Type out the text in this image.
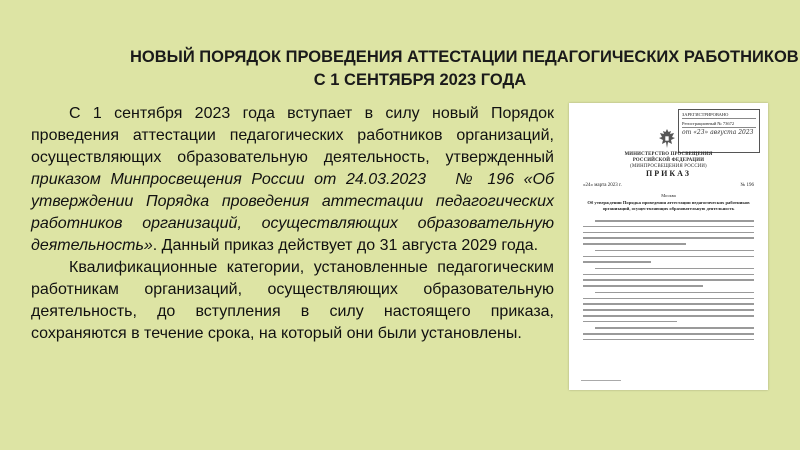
НОВЫЙ ПОРЯДОК ПРОВЕДЕНИЯ АТТЕСТАЦИИ ПЕДАГОГИЧЕСКИХ РАБОТНИКОВ
С 1 СЕНТЯБРЯ 2023 ГОДА

С 1 сентября 2023 года вступает в силу новый Порядок проведения аттестации педагогических работников организаций, осуществляющих образовательную деятельность, утвержденный приказом Минпросвещения России от 24.03.2023 № 196 «Об утверждении Порядка проведения аттестации педагогических работников организаций, осуществляющих образовательную деятельность». Данный приказ действует до 31 августа 2029 года.

Квалификационные категории, установленные педагогическим работникам организаций, осуществляющих образовательную деятельность, до вступления в силу настоящего приказа, сохраняются в течение срока, на который они были установлены.

ЗАРЕГИСТРИРОВАНО
Регистрационный № 73672
от «23» августа 2023
МИНИСТЕРСТВО ПРОСВЕЩЕНИЯ
РОССИЙСКОЙ ФЕДЕРАЦИИ
(МИНПРОСВЕЩЕНИЯ РОССИИ)
ПРИКАЗ
«24» марта 2023 г.	№ 196
Москва
Об утверждении Порядка проведения аттестации педагогических работников организаций, осуществляющих образовательную деятельность
